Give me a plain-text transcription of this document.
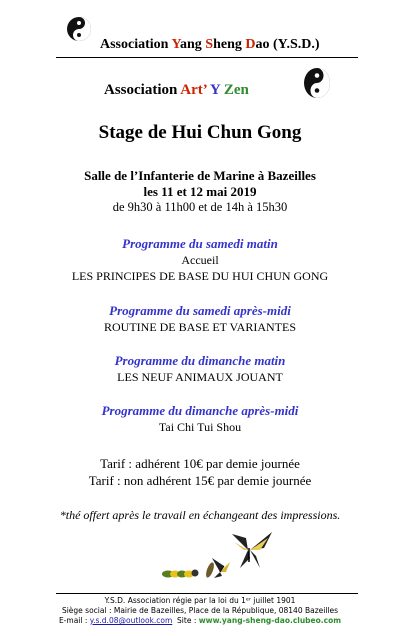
Association Yang Sheng Dao (Y.S.D.)
Association Art’ Y Zen
Stage de Hui Chun Gong
Salle de l’Infanterie de Marine à Bazeilles
les 11 et 12 mai 2019
de 9h30 à 11h00 et de 14h à 15h30
Programme du samedi matin
Accueil
LES PRINCIPES DE BASE DU HUI CHUN GONG
Programme du samedi après-midi
ROUTINE DE BASE ET VARIANTES
Programme du dimanche matin
LES NEUF ANIMAUX JOUANT
Programme du dimanche après-midi
Tai Chi Tui Shou
Tarif : adhérent 10€ par demie journée
Tarif : non adhérent 15€ par demie journée
*thé offert après le travail en échangeant des impressions.
Y.S.D. Association régie par la loi du 1ᵉʳ juillet 1901
Siège social : Mairie de Bazeilles, Place de la République, 08140 Bazeilles
E-mail : y.s.d.08@outlook.com  Site : www.yang-sheng-dao.clubeo.com
